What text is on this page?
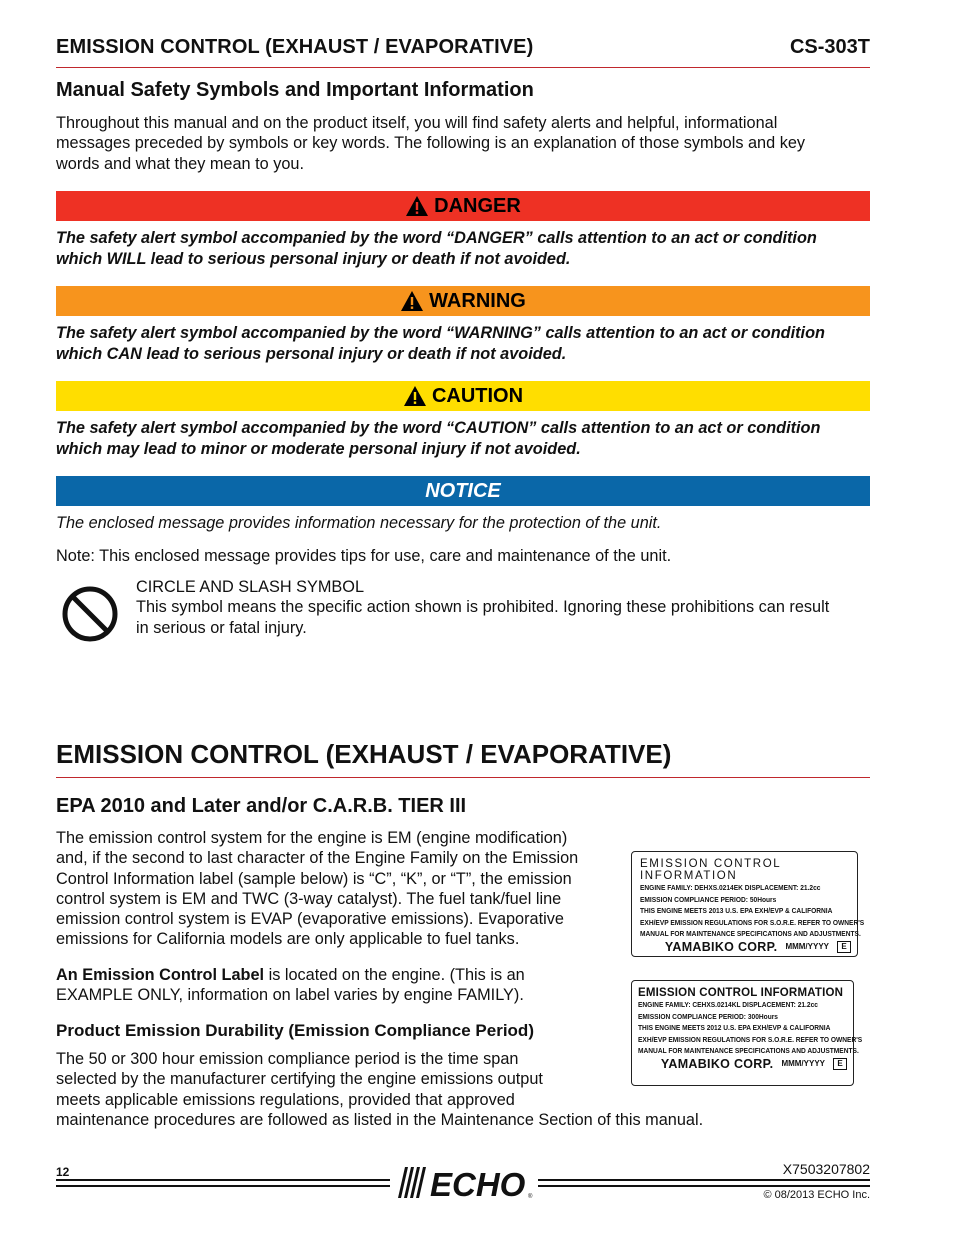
EMISSION CONTROL (EXHAUST / EVAPORATIVE)	CS-303T
Manual Safety Symbols and Important Information
Throughout this manual and on the product itself, you will find safety alerts and helpful, informational
messages preceded by symbols or key words. The following is an explanation of those symbols and key
words and what they mean to you.
DANGER
The safety alert symbol accompanied by the word “DANGER” calls attention to an act or condition
which WILL lead to serious personal injury or death if not avoided.
WARNING
The safety alert symbol accompanied by the word “WARNING” calls attention to an act or condition
which CAN lead to serious personal injury or death if not avoided.
CAUTION
The safety alert symbol accompanied by the word “CAUTION” calls attention to an act or condition
which may lead to minor or moderate personal injury if not avoided.
NOTICE
The enclosed message provides information necessary for the protection of the unit.
Note: This enclosed message provides tips for use, care and maintenance of the unit.
CIRCLE AND SLASH SYMBOL
This symbol means the specific action shown is prohibited. Ignoring these prohibitions can result
in serious or fatal injury.
EMISSION CONTROL (EXHAUST / EVAPORATIVE)
EPA 2010 and Later and/or C.A.R.B. TIER III
The emission control system for the engine is EM (engine modification)
and, if the second to last character of the Engine Family on the Emission
Control Information label (sample below) is “C”, “K”, or “T”, the emission
control system is EM and TWC (3-way catalyst). The fuel tank/fuel line
emission control system is EVAP (evaporative emissions). Evaporative
emissions for California models are only applicable to fuel tanks.
An Emission Control Label is located on the engine. (This is an
EXAMPLE ONLY, information on label varies by engine FAMILY).
Product Emission Durability (Emission Compliance Period)
The 50 or 300 hour emission compliance period is the time span
selected by the manufacturer certifying the engine emissions output
meets applicable emissions regulations, provided that approved
maintenance procedures are followed as listed in the Maintenance Section of this manual.
EMISSION CONTROL INFORMATION
ENGINE FAMILY: DEHXS.0214EK DISPLACEMENT: 21.2cc
EMISSION COMPLIANCE PERIOD: 50Hours
THIS ENGINE MEETS 2013 U.S. EPA EXH/EVP & CALIFORNIA
EXH/EVP EMISSION REGULATIONS FOR S.O.R.E. REFER TO OWNER'S
MANUAL FOR MAINTENANCE SPECIFICATIONS AND ADJUSTMENTS.
YAMABIKO CORP. MMM/YYYY	E
EMISSION CONTROL INFORMATION
ENGINE FAMILY: CEHXS.0214KL DISPLACEMENT: 21.2cc
EMISSION COMPLIANCE PERIOD: 300Hours
THIS ENGINE MEETS 2012 U.S. EPA EXH/EVP & CALIFORNIA
EXH/EVP EMISSION REGULATIONS FOR S.O.R.E. REFER TO OWNER'S
MANUAL FOR MAINTENANCE SPECIFICATIONS AND ADJUSTMENTS.
YAMABIKO CORP. MMM/YYYY	E
12	X7503207802
© 08/2013 ECHO Inc.
ECHO ®
